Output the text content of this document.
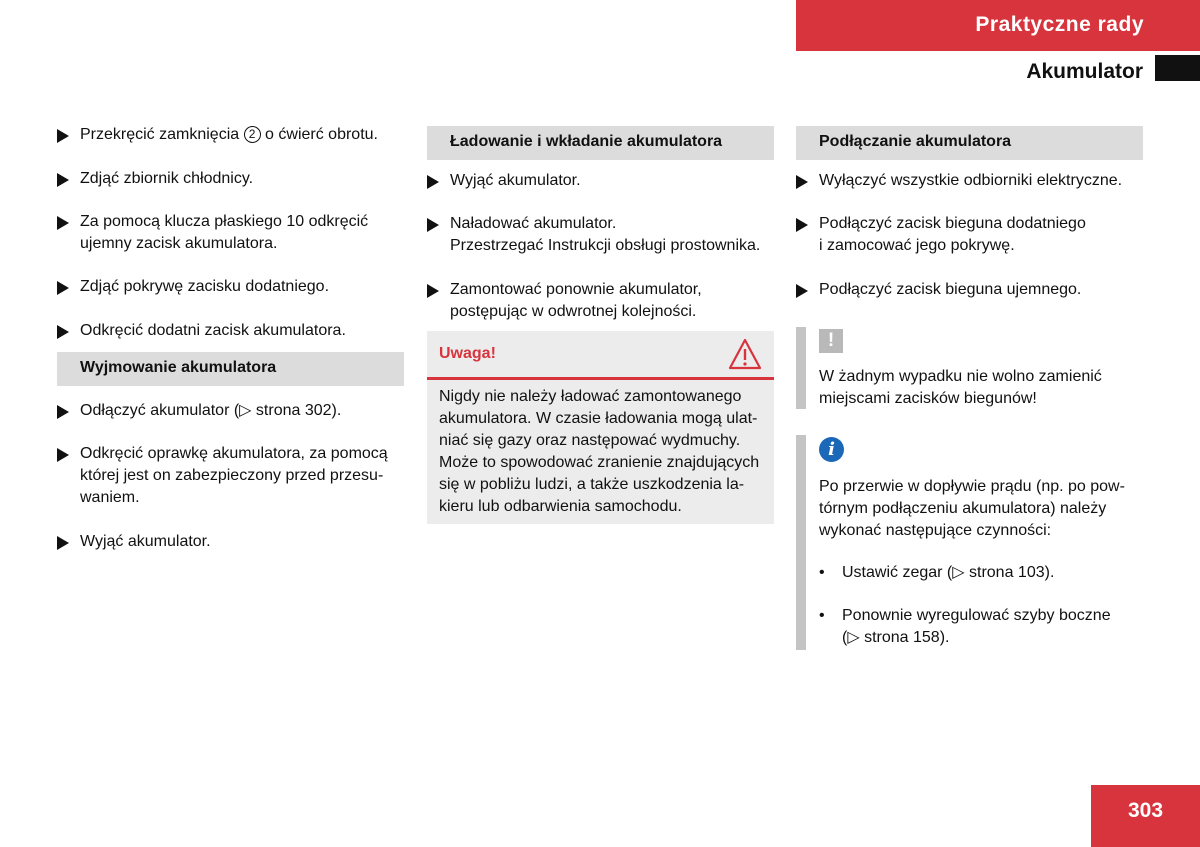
Praktyczne rady
Akumulator
Przekręcić zamknięcia 2 o ćwierć obrotu.
Zdjąć zbiornik chłodnicy.
Za pomocą klucza płaskiego 10 odkręcić
ujemny zacisk akumulatora.
Zdjąć pokrywę zacisku dodatniego.
Odkręcić dodatni zacisk akumulatora.
Wyjmowanie akumulatora
Odłączyć akumulator (▷ strona 302).
Odkręcić oprawkę akumulatora, za pomocą
której jest on zabezpieczony przed przesu-
waniem.
Wyjąć akumulator.
Ładowanie i wkładanie akumulatora
Wyjąć akumulator.
Naładować akumulator.
Przestrzegać Instrukcji obsługi prostownika.
Zamontować ponownie akumulator,
postępując w odwrotnej kolejności.
Uwaga!
Nigdy nie należy ładować zamontowanego
akumulatora. W czasie ładowania mogą ulat-
niać się gazy oraz następować wydmuchy.
Może to spowodować zranienie znajdujących
się w pobliżu ludzi, a także uszkodzenia la-
kieru lub odbarwienia samochodu.
Podłączanie akumulatora
Wyłączyć wszystkie odbiorniki elektryczne.
Podłączyć zacisk bieguna dodatniego
i zamocować jego pokrywę.
Podłączyć zacisk bieguna ujemnego.
!
W żadnym wypadku nie wolno zamienić
miejscami zacisków biegunów!
i
Po przerwie w dopływie prądu (np. po pow-
tórnym podłączeniu akumulatora) należy
wykonać następujące czynności:
•	Ustawić zegar (▷ strona 103).
•	Ponownie wyregulować szyby boczne
(▷ strona 158).
303
